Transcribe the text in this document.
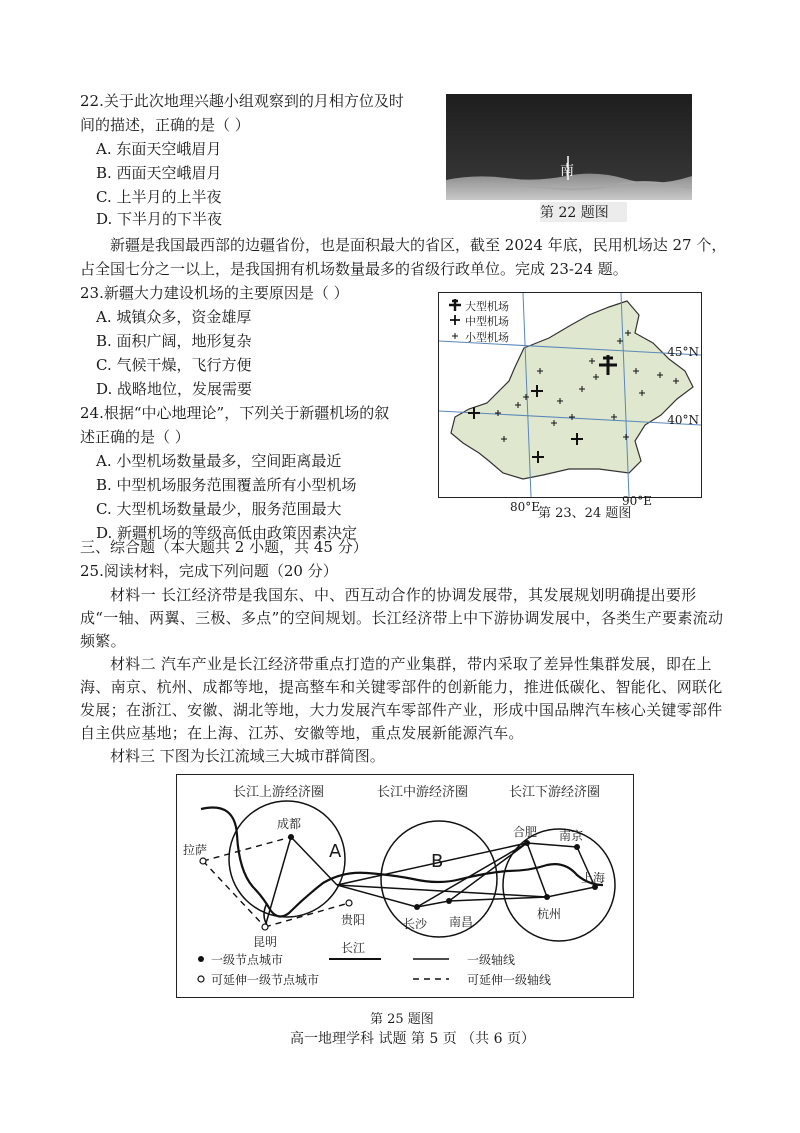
22.关于此次地理兴趣小组观察到的月相方位及时
间的描述，正确的是（ ）
A. 东面天空峨眉月
B. 西面天空峨眉月
C. 上半月的上半夜
D. 下半月的下半夜
南
第 22 题图
新疆是我国最西部的边疆省份，也是面积最大的省区，截至 2024 年底，民用机场达 27 个，
占全国七分之一以上，是我国拥有机场数量最多的省级行政单位。完成 23-24 题。
23.新疆大力建设机场的主要原因是（ ）
A. 城镇众多，资金雄厚
B. 面积广阔，地形复杂
C. 气候干燥，飞行方便
D. 战略地位，发展需要
24.根据“中心地理论”，下列关于新疆机场的叙
述正确的是（ ）
A. 小型机场数量最多，空间距离最近
B. 中型机场服务范围覆盖所有小型机场
C. 大型机场数量最少，服务范围最大
D. 新疆机场的等级高低由政策因素决定
大型机场
中型机场
小型机场
45°N
40°N
80°E	90°E
第 23、24 题图
三、综合题（本大题共 2 小题，共 45 分）
25.阅读材料，完成下列问题（20 分）
材料一 长江经济带是我国东、中、西互动合作的协调发展带，其发展规划明确提出要形成“一轴、两翼、三极、多点”的空间规划。长江经济带上中下游协调发展中，各类生产要素流动频繁。
材料二 汽车产业是长江经济带重点打造的产业集群，带内采取了差异性集群发展，即在上海、南京、杭州、成都等地，提高整车和关键零部件的创新能力，推进低碳化、智能化、网联化发展；在浙江、安徽、湖北等地，大力发展汽车零部件产业，形成中国品牌汽车核心关键零部件自主供应基地；在上海、江苏、安徽等地，重点发展新能源汽车。
材料三 下图为长江流域三大城市群简图。
长江上游经济圈	长江中游经济圈	长江下游经济圈
A	B
成都
拉萨
昆明
贵阳	长沙 南昌
合肥 南京
上海
杭州
一级节点城市
可延伸一级节点城市
长江
一级轴线
可延伸一级轴线
第 25 题图
高一地理学科 试题 第 5 页 （共 6 页）
